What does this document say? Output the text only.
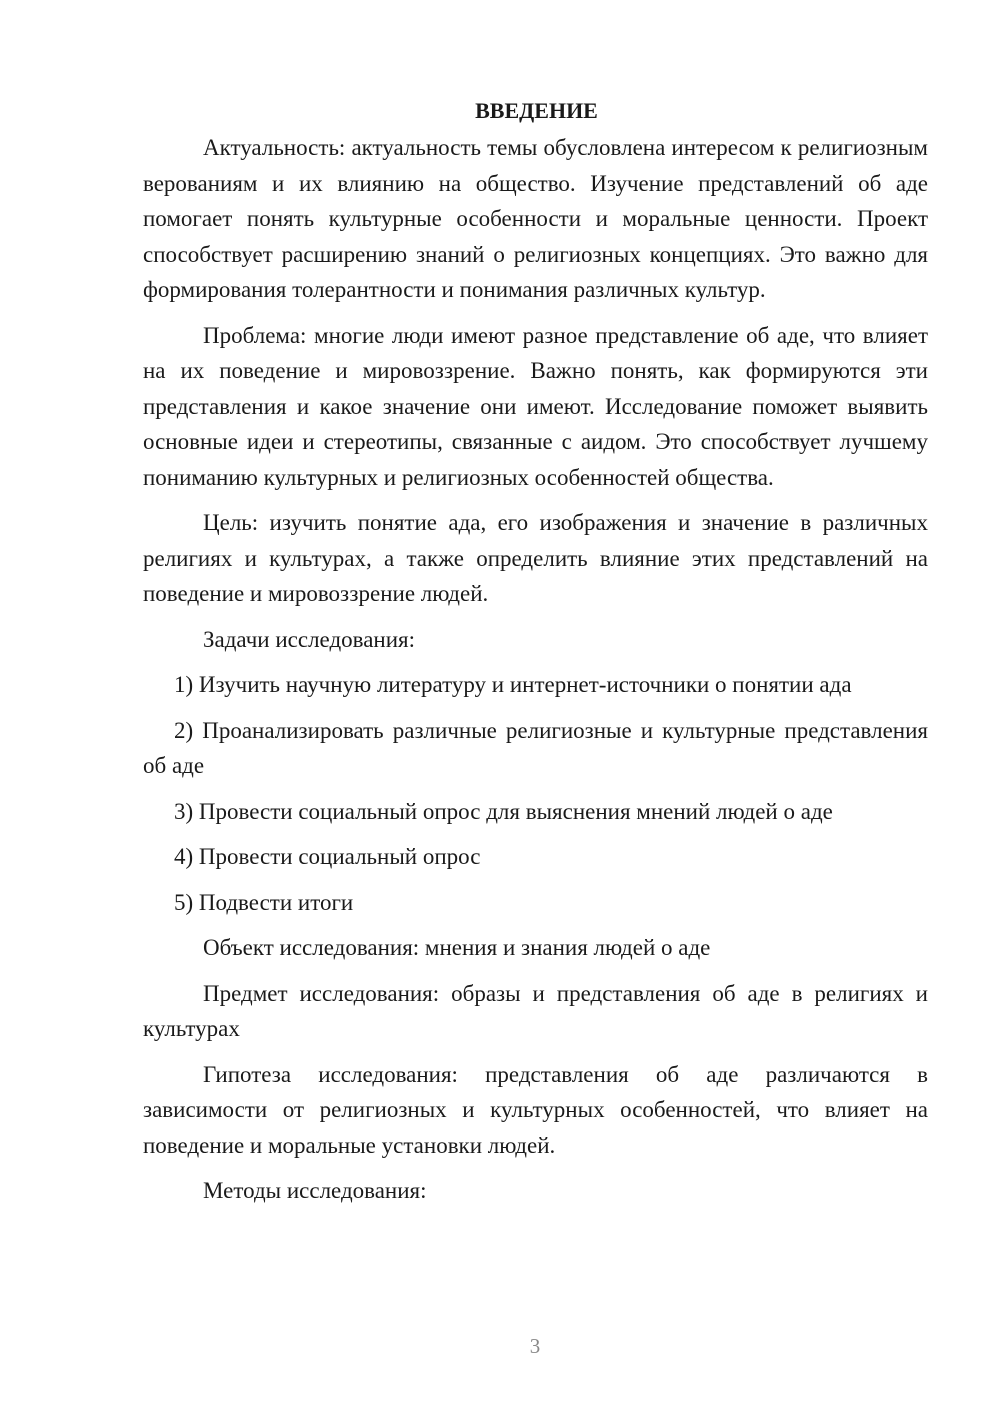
ВВЕДЕНИЕ

Актуальность: актуальность темы обусловлена интересом к религиозным верованиям и их влиянию на общество. Изучение представлений об аде помогает понять культурные особенности и моральные ценности. Проект способствует расширению знаний о религиозных концепциях. Это важно для формирования толерантности и понимания различных культур.

Проблема: многие люди имеют разное представление об аде, что влияет на их поведение и мировоззрение. Важно понять, как формируются эти представления и какое значение они имеют. Исследование поможет выявить основные идеи и стереотипы, связанные с аидом. Это способствует лучшему пониманию культурных и религиозных особенностей общества.

Цель: изучить понятие ада, его изображения и значение в различных религиях и культурах, а также определить влияние этих представлений на поведение и мировоззрение людей.

Задачи исследования:

1) Изучить научную литературу и интернет-источники о понятии ада

2) Проанализировать различные религиозные и культурные представления об аде

3) Провести социальный опрос для выяснения мнений людей о аде

4) Провести социальный опрос

5) Подвести итоги

Объект исследования: мнения и знания людей о аде

Предмет исследования: образы и представления об аде в религиях и культурах

Гипотеза исследования: представления об аде различаются в зависимости от религиозных и культурных особенностей, что влияет на поведение и моральные установки людей.

Методы исследования:

3
